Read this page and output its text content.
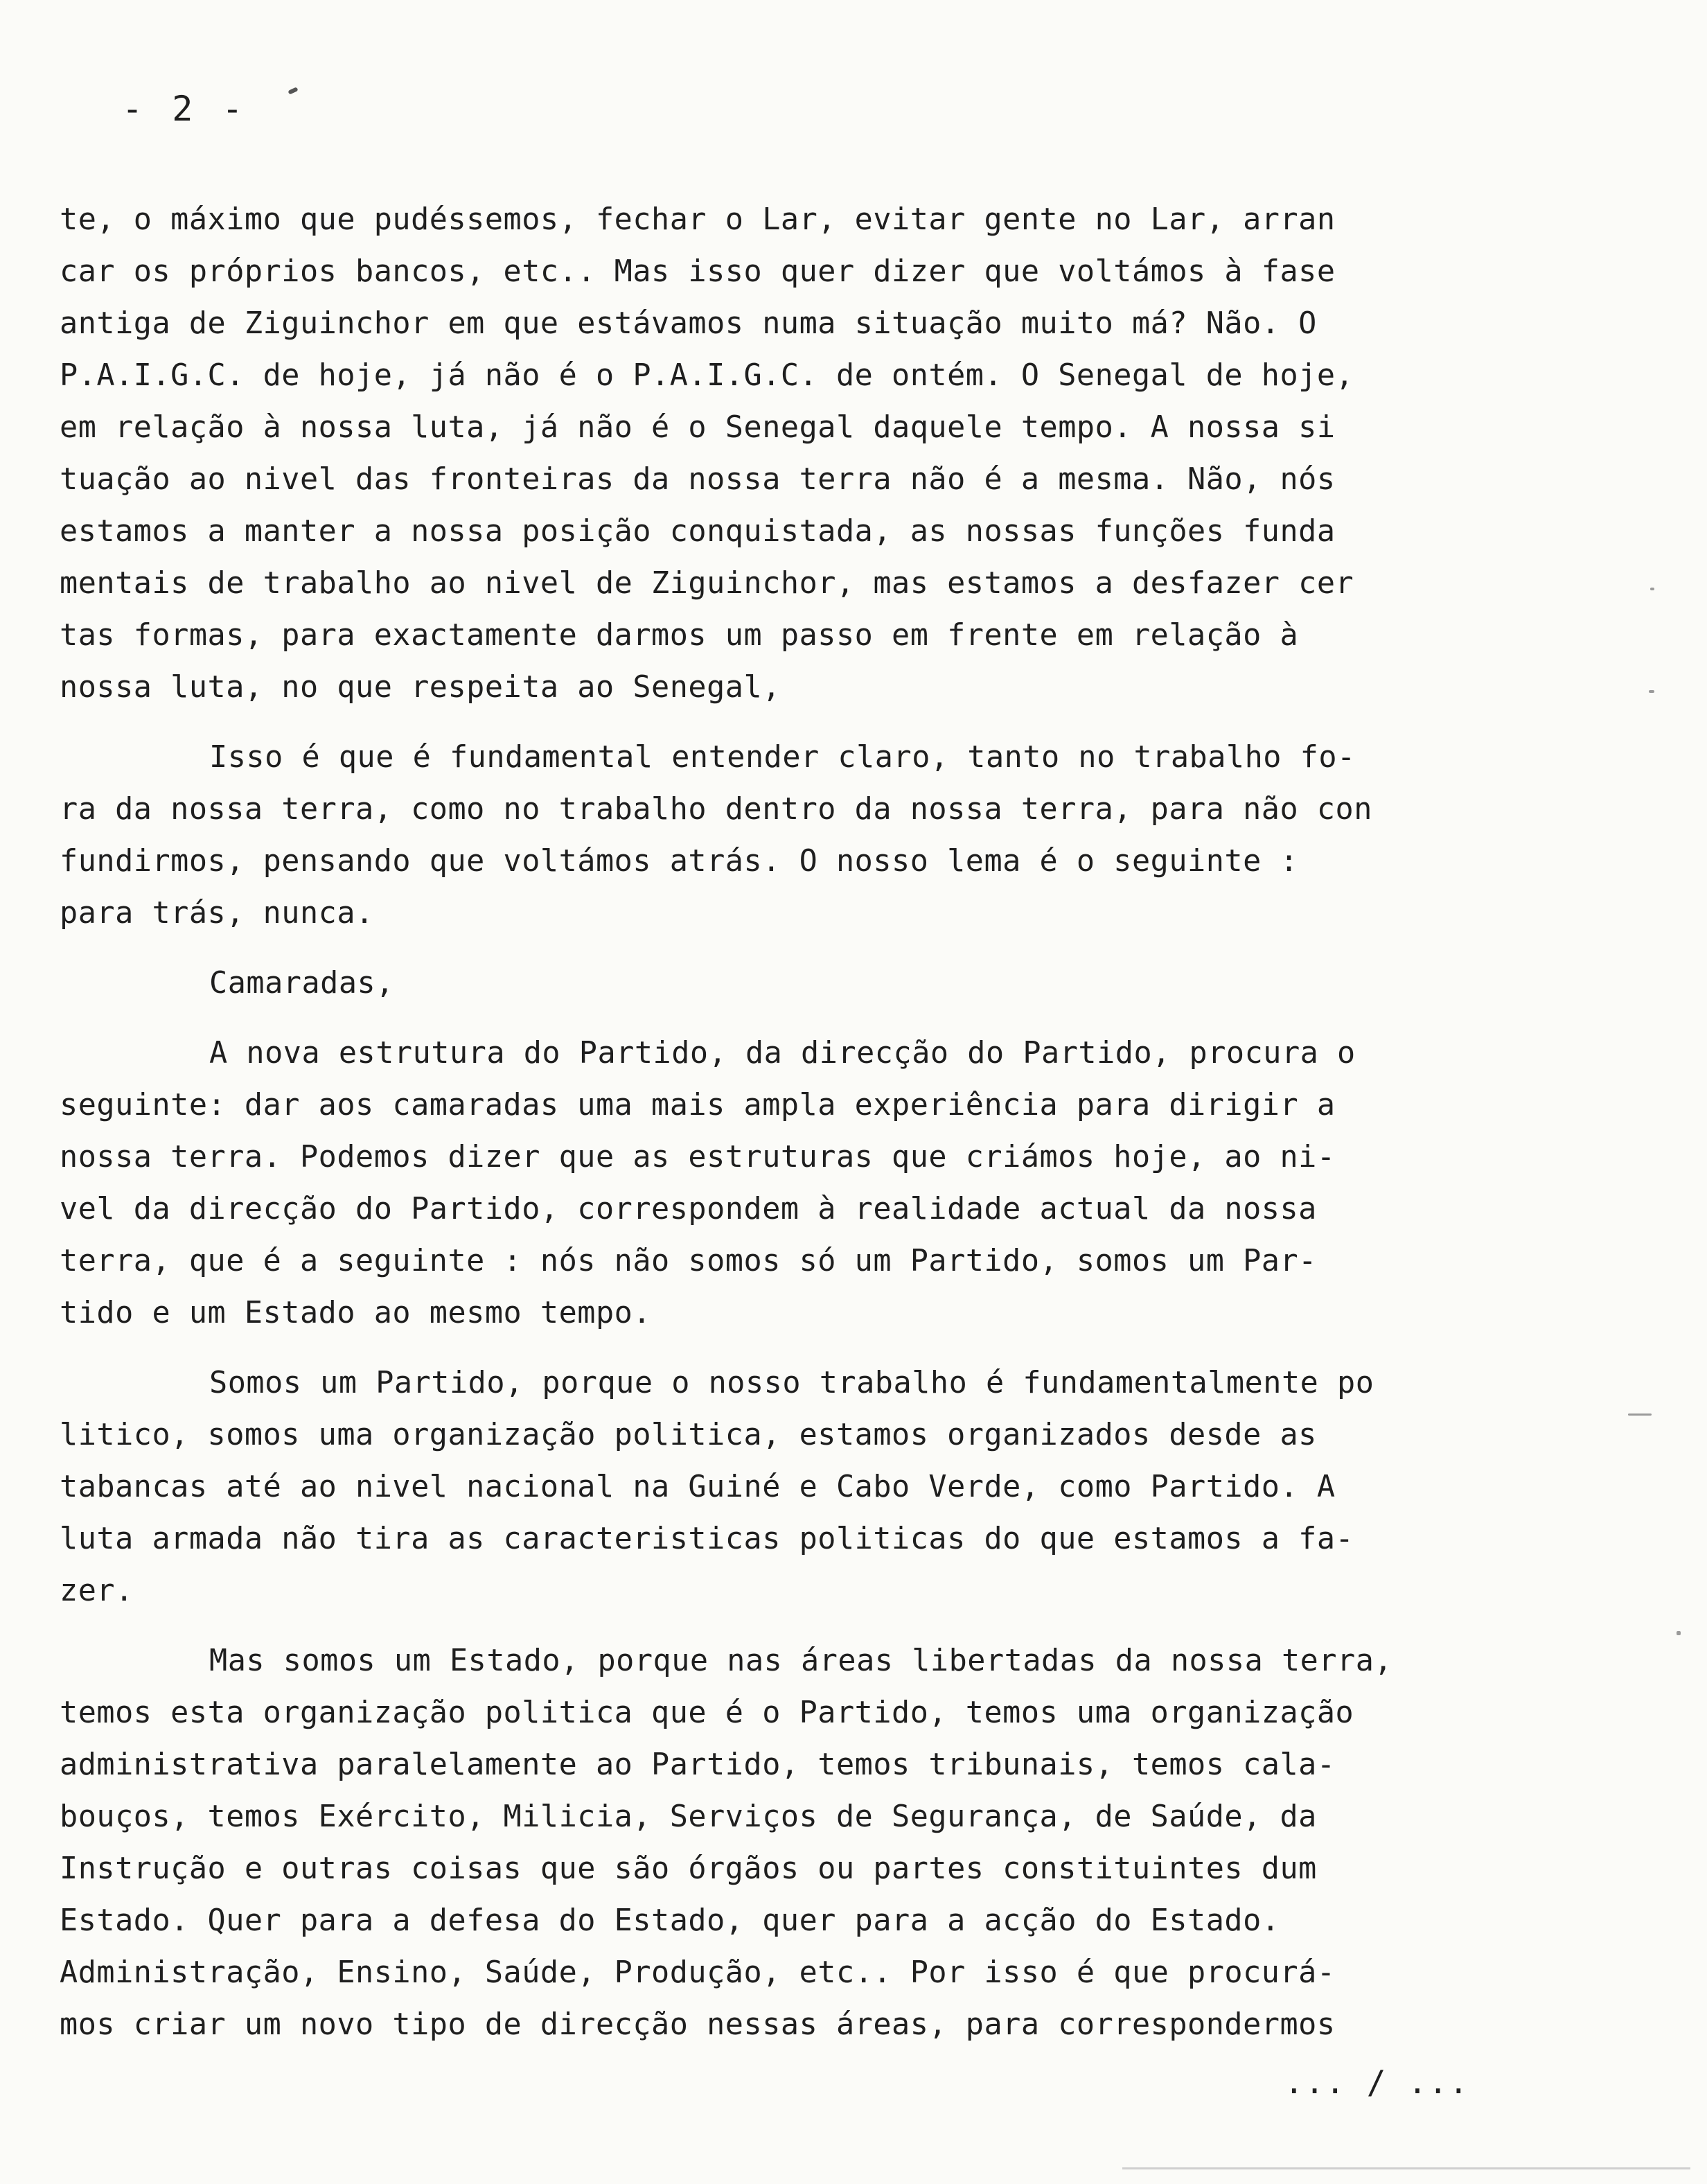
- 2 -
te, o máximo que pudéssemos, fechar o Lar, evitar gente no Lar, arran
car os próprios bancos, etc.. Mas isso quer dizer que voltámos à fase
antiga de Ziguinchor em que estávamos numa situação muito má? Não. O
P.A.I.G.C. de hoje, já não é o P.A.I.G.C. de ontém. O Senegal de hoje,
em relação à nossa luta, já não é o Senegal daquele tempo. A nossa si
tuação ao nivel das fronteiras da nossa terra não é a mesma. Não, nós
estamos a manter a nossa posição conquistada, as nossas funções funda
mentais de trabalho ao nivel de Ziguinchor, mas estamos a desfazer cer
tas formas, para exactamente darmos um passo em frente em relação à
nossa luta, no que respeita ao Senegal,
Isso é que é fundamental entender claro, tanto no trabalho fo-
ra da nossa terra, como no trabalho dentro da nossa terra, para não con
fundirmos, pensando que voltámos atrás. O nosso lema é o seguinte :
para trás, nunca.
Camaradas,
A nova estrutura do Partido, da direcção do Partido, procura o
seguinte: dar aos camaradas uma mais ampla experiência para dirigir a
nossa terra. Podemos dizer que as estruturas que criámos hoje, ao ni-
vel da direcção do Partido, correspondem à realidade actual da nossa
terra, que é a seguinte : nós não somos só um Partido, somos um Par-
tido e um Estado ao mesmo tempo.
Somos um Partido, porque o nosso trabalho é fundamentalmente po
litico, somos uma organização politica, estamos organizados desde as
tabancas até ao nivel nacional na Guiné e Cabo Verde, como Partido. A
luta armada não tira as caracteristicas politicas do que estamos a fa-
zer.
Mas somos um Estado, porque nas áreas libertadas da nossa terra,
temos esta organização politica que é o Partido, temos uma organização
administrativa paralelamente ao Partido, temos tribunais, temos cala-
bouços, temos Exército, Milicia, Serviços de Segurança, de Saúde, da
Instrução e outras coisas que são órgãos ou partes constituintes dum
Estado. Quer para a defesa do Estado, quer para a acção do Estado.
Administração, Ensino, Saúde, Produção, etc.. Por isso é que procurá-
mos criar um novo tipo de direcção nessas áreas, para correspondermos
... / ...
